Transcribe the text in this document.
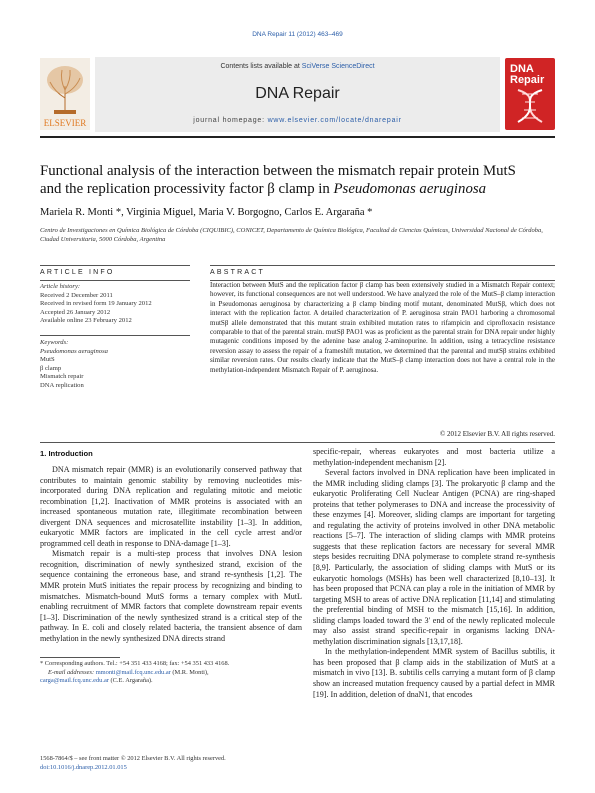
DNA Repair 11 (2012) 463–469
ELSEVIER
Contents lists available at SciVerse ScienceDirect
DNA Repair
journal homepage: www.elsevier.com/locate/dnarepair
DNA
Repair
Functional analysis of the interaction between the mismatch repair protein MutS
and the replication processivity factor β clamp in Pseudomonas aeruginosa
Mariela R. Monti *, Virginia Miguel, Maria V. Borgogno, Carlos E. Argaraña *
Centro de Investigaciones en Química Biológica de Córdoba (CIQUIBIC), CONICET, Departamento de Química Biológica, Facultad de Ciencias Químicas, Universidad Nacional de Córdoba, Ciudad Universitaria, 5000 Córdoba, Argentina
ARTICLE INFO
Article history:
Received 2 December 2011
Received in revised form 19 January 2012
Accepted 26 January 2012
Available online 23 February 2012
Keywords:
Pseudomonas aeruginosa
MutS
β clamp
Mismatch repair
DNA replication
ABSTRACT
Interaction between MutS and the replication factor β clamp has been extensively studied in a Mismatch Repair context; however, its functional consequences are not well understood. We have analyzed the role of the MutS–β clamp interaction in Pseudomonas aeruginosa by characterizing a β clamp binding motif mutant, denominated MutSβ, which does not interact with the replication factor. A detailed characterization of P. aeruginosa strain PAO1 harboring a chromosomal mutSβ allele demonstrated that this mutant strain exhibited mutation rates to rifampicin and ciprofloxacin resistance comparable to that of the parental strain. mutSβ PAO1 was as proficient as the parental strain for DNA repair under highly mutagenic conditions imposed by the adenine base analog 2-aminopurine. In addition, using a tetracycline resistance reversion assay to assess the repair of a frameshift mutation, we determined that the parental and mutSβ strains exhibited similar reversion rates. Our results clearly indicate that the MutS–β clamp interaction does not have a central role in the methylation-independent Mismatch Repair of P. aeruginosa.
© 2012 Elsevier B.V. All rights reserved.
1. Introduction

DNA mismatch repair (MMR) is an evolutionarily conserved pathway that contributes to maintain genomic stability by removing nucleotides mis-incorporated during DNA replication and regulating mitotic and meiotic recombination [1,2]. Inactivation of MMR proteins is associated with an increased spontaneous mutation rate, illegitimate recombination between divergent DNA sequences and microsatellite instability [1–3]. In addition, eukaryotic MMR factors are implicated in the cell cycle arrest and/or programmed cell death in response to DNA-damage [1–3].

Mismatch repair is a multi-step process that involves DNA lesion recognition, discrimination of newly synthesized strand, excision of the sequence containing the erroneous base, and strand re-synthesis [1,2]. The MMR protein MutS initiates the repair process by recognizing and binding to mismatches. Mismatch-bound MutS forms a ternary complex with MutL enabling recruitment of MMR factors that complete downstream repair events [1–3]. Discrimination of the newly synthesized strand is a critical step of the pathway. In E. coli and closely related bacteria, the transient absence of dam methylation in the newly synthesized DNA directs strand

specific-repair, whereas eukaryotes and most bacteria utilize a methylation-independent mechanism [2].

Several factors involved in DNA replication have been implicated in the MMR including sliding clamps [3]. The prokaryotic β clamp and the eukaryotic Proliferating Cell Nuclear Antigen (PCNA) are ring-shaped proteins that tether polymerases to DNA and increase the processivity of these enzymes [4]. Moreover, sliding clamps are important for targeting and regulating the activity of proteins involved in other DNA metabolic reactions [5–7]. The interaction of sliding clamps with MMR proteins suggests that these replication factors are necessary for several MMR steps besides recruiting DNA polymerase to complete strand re-synthesis [8,9]. Particularly, the association of sliding clamps with MutS or its eukaryotic homologs (MSHs) has been well characterized [8,10–13]. It has been proposed that PCNA can play a role in the initiation of MMR by targeting MSH to areas of active DNA replication [11,14] and stimulating the preferential binding of MSH to the mismatch [15,16]. In addition, sliding clamps loaded toward the 3′ end of the newly replicated molecule may also assist strand specific-repair in organisms lacking DNA-methylation discrimination signals [13,17,18].

In the methylation-independent MMR system of Bacillus subtilis, it has been proposed that β clamp aids in the stabilization of MutS at a mismatch in vivo [13]. B. subtilis cells carrying a mutant form of β clamp show an increased mutation frequency caused by a partial defect in MMR [19]. In addition, deletion of dnaN1, that encodes

* Corresponding authors. Tel.: +54 351 433 4168; fax: +54 351 433 4168.
E-mail addresses: mmonti@mail.fcq.unc.edu.ar (M.R. Monti),
carga@mail.fcq.unc.edu.ar (C.E. Argaraña).
1568-7864/$ – see front matter © 2012 Elsevier B.V. All rights reserved.
doi:10.1016/j.dnarep.2012.01.015
